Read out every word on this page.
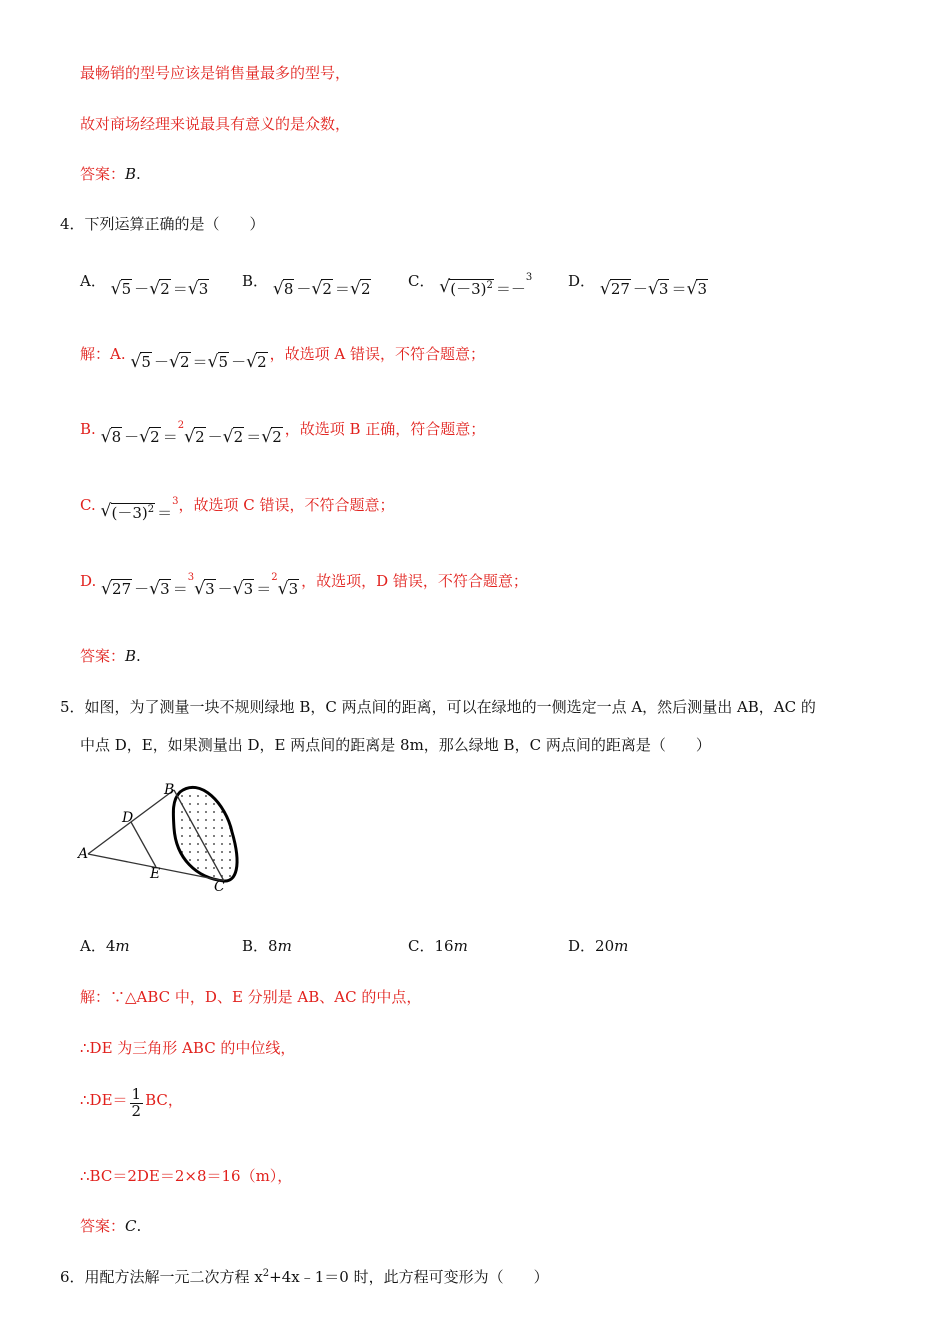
最畅销的型号应该是销售量最多的型号，
故对商场经理来说最具有意义的是众数，
答案：B.
4．下列运算正确的是（　　）
A． √ 5 － √ 2 ＝ √ 3 B． √ 8 － √ 2 ＝ √ 2	C． √ $(-3)^2 =-^3$ D． √ 27 － √ 3 ＝ √ 3
解：A. √ 5 － √ 2 ＝ √ 5 － √ 2 ，故选项 A 错误，不符合题意；
B. √ 8 － √ 2 ＝$^2$√ 2 － √ 2 ＝ √ 2 ，故选项 B 正确，符合题意；
C. √ $(-3)^2 =^3$，故选项 C 错误，不符合题意；
D. √ 27 － √ 3 ＝$^3$√ 3 － √ 3 ＝$^2$√ 3 ，故选项，D 错误，不符合题意；
答案：B.
5．如图，为了测量一块不规则绿地 B，C 两点间的距离，可以在绿地的一侧选定一点 A，然后测量出 AB，AC 的
中点 D，E，如果测量出 D，E 两点间的距离是 8m，那么绿地 B，C 两点间的距离是（　　）
A
B
C
D
E
A．4m	B．8m	C．16m	D．20m
解：∵△ABC 中，D、E 分别是 AB、AC 的中点，
∴DE 为三角形 ABC 的中位线，
∴DE＝ $\frac{1}{2}$ BC，
∴BC＝2DE＝2×8＝16（m），
答案：C.
6．用配方法解一元二次方程 $x^2+4x﹣1=0$ 时，此方程可变形为（　　）
